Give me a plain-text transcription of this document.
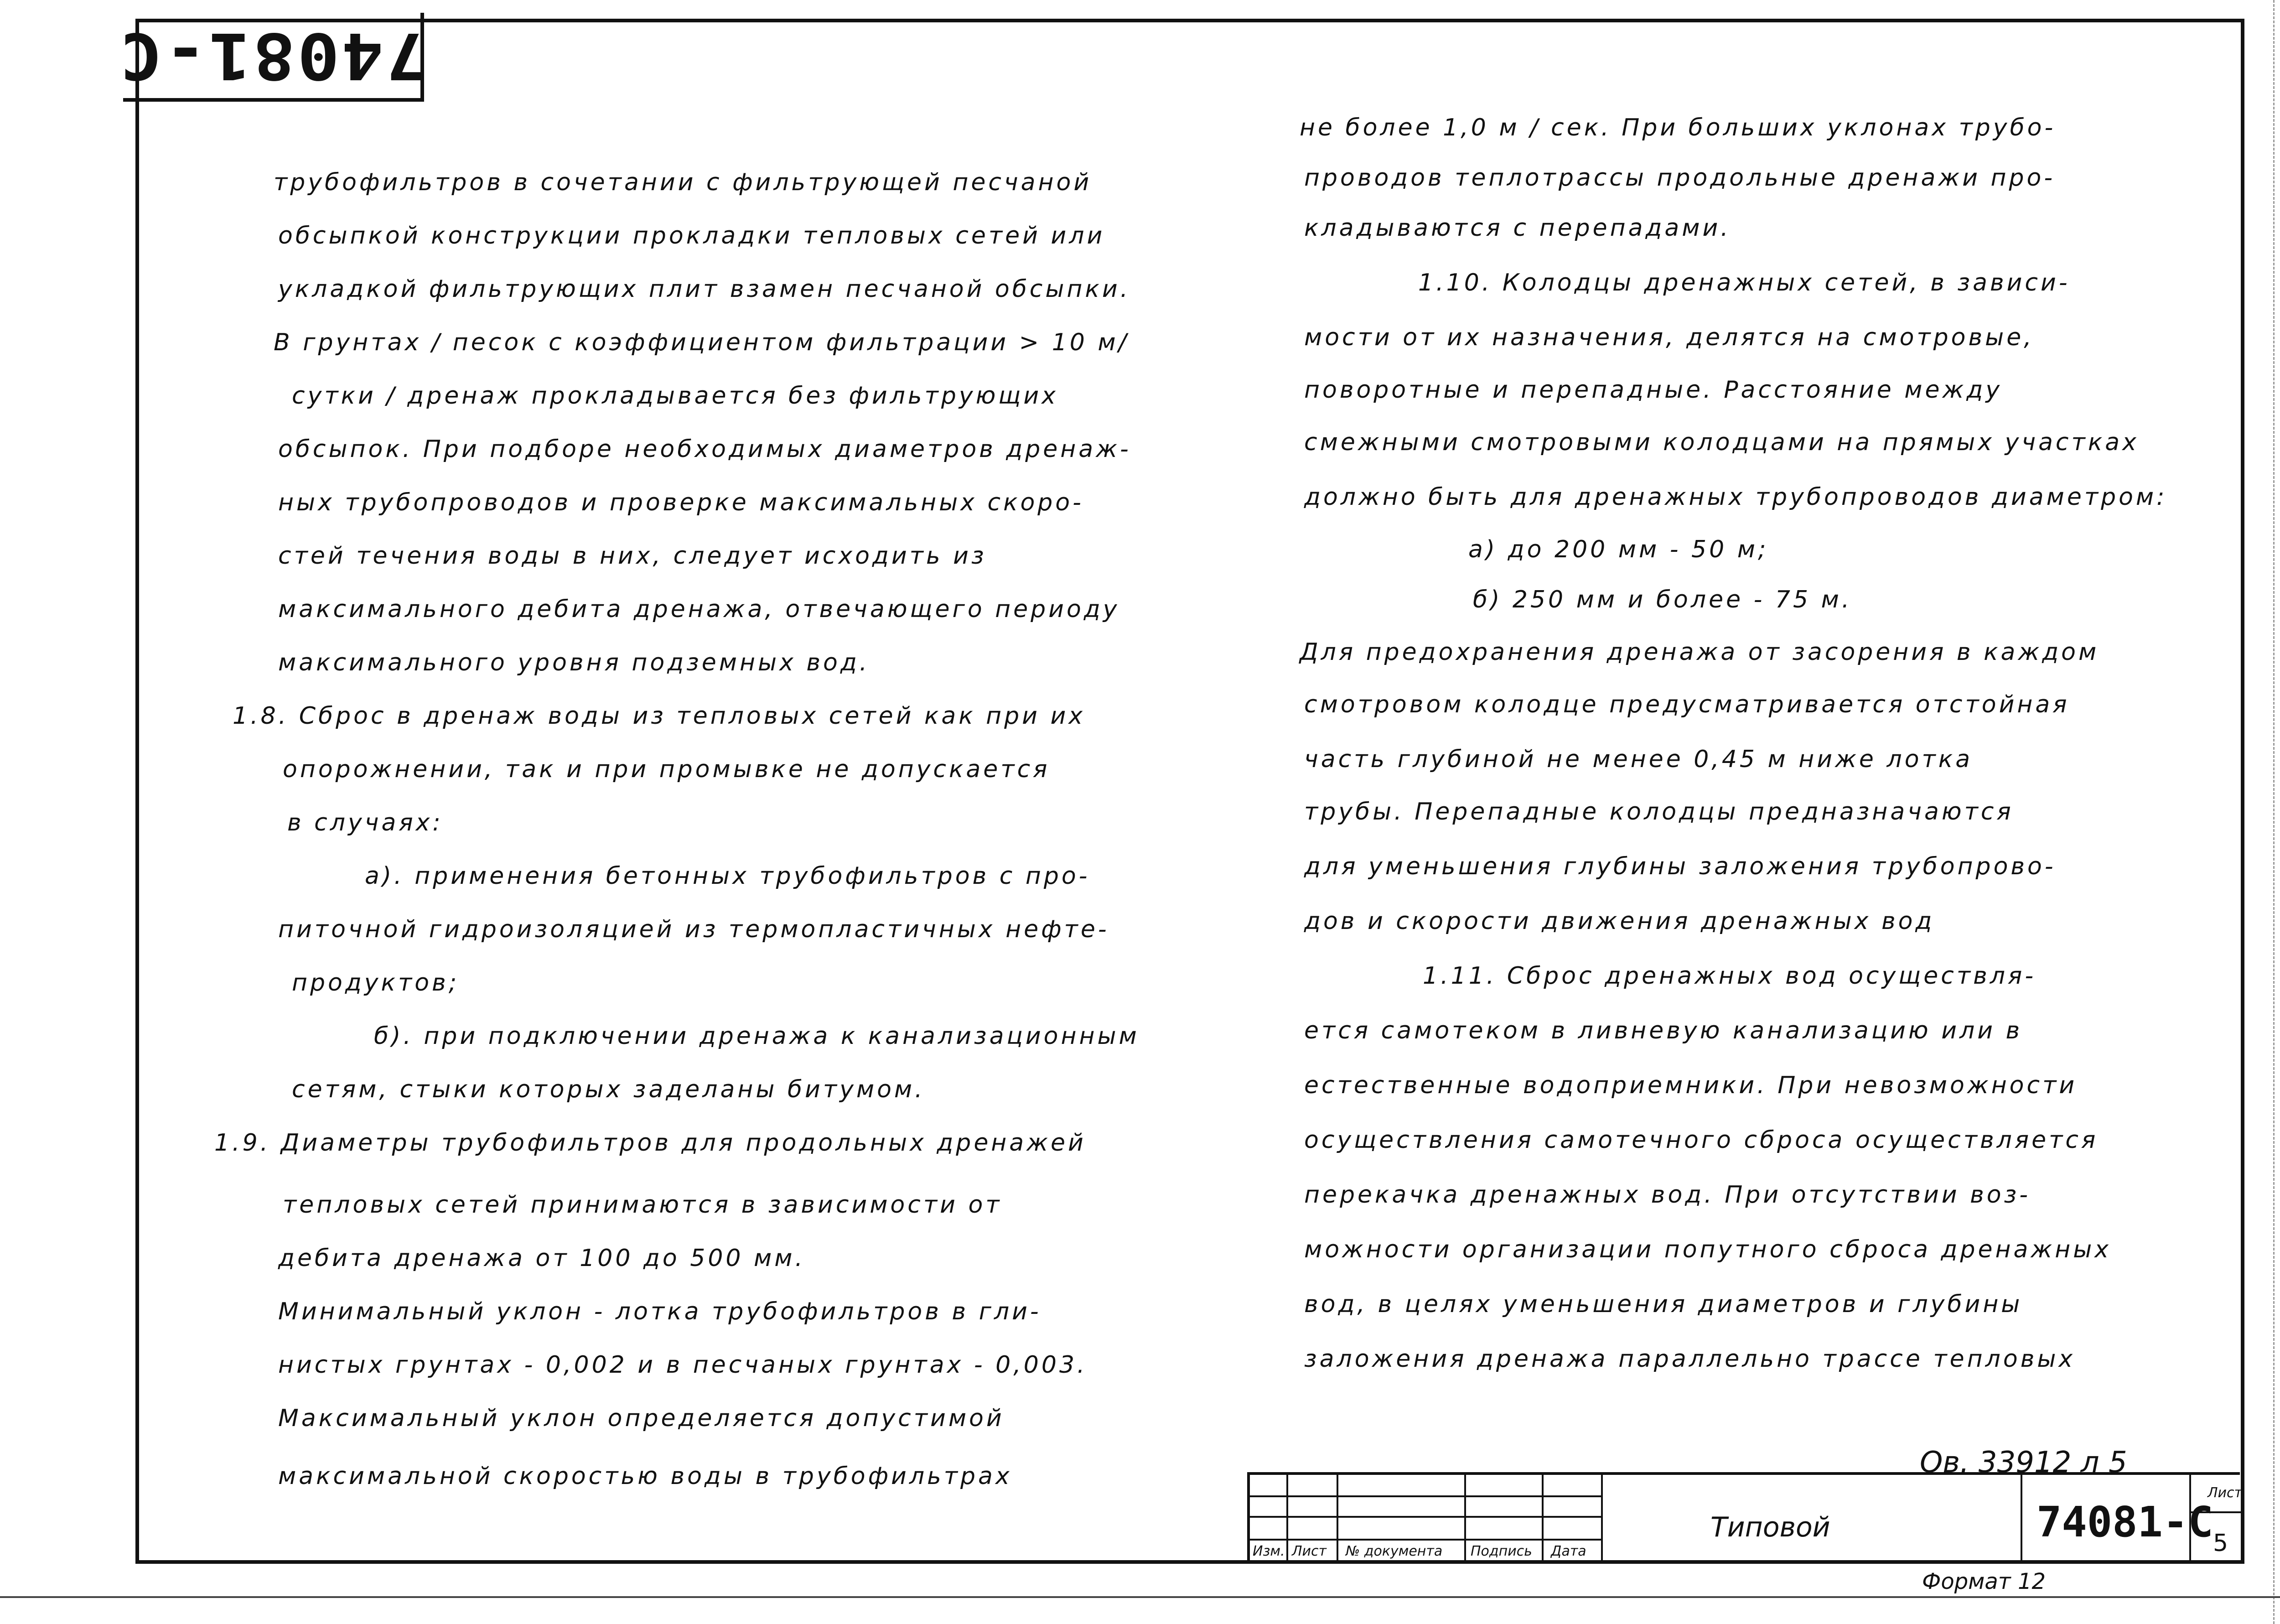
74081-C
трубофильтров в сочетании с фильтрующей песчаной
обсыпкой конструкции прокладки тепловых сетей или
укладкой фильтрующих плит взамен песчаной обсыпки.
В грунтах / песок с коэффициентом фильтрации > 10 м/
сутки / дренаж прокладывается без фильтрующих
обсыпок. При подборе необходимых диаметров дренаж-
ных трубопроводов и проверке максимальных скоро-
стей течения воды в них, следует исходить из
максимального дебита дренажа, отвечающего периоду
максимального уровня подземных вод.
1.8. Сброс в дренаж воды из тепловых сетей как при их
опорожнении, так и при промывке не допускается
в случаях:
а). применения бетонных трубофильтров с про-
питочной гидроизоляцией из термопластичных нефте-
продуктов;
б). при подключении дренажа к канализационным
сетям, стыки которых заделаны битумом.
1.9. Диаметры трубофильтров для продольных дренажей
тепловых сетей принимаются в зависимости от
дебита дренажа от 100 до 500 мм.
Минимальный уклон - лотка трубофильтров в гли-
нистых грунтах - 0,002 и в песчаных грунтах - 0,003.
Максимальный уклон определяется допустимой
максимальной скоростью воды в трубофильтрах
не более 1,0 м / сек. При больших уклонах трубо-
проводов теплотрассы продольные дренажи про-
кладываются с перепадами.
1.10. Колодцы дренажных сетей, в зависи-
мости от их назначения, делятся на смотровые,
поворотные и перепадные. Расстояние между
смежными смотровыми колодцами на прямых участках
должно быть для дренажных трубопроводов диаметром:
а) до 200 мм - 50 м;
б) 250 мм и более - 75 м.
Для предохранения дренажа от засорения в каждом
смотровом колодце предусматривается отстойная
часть глубиной не менее 0,45 м ниже лотка
трубы. Перепадные колодцы предназначаются
для уменьшения глубины заложения трубопрово-
дов и скорости движения дренажных вод
1.11. Сброс дренажных вод осуществля-
ется самотеком в ливневую канализацию или в
естественные водоприемники. При невозможности
осуществления самотечного сброса осуществляется
перекачка дренажных вод. При отсутствии воз-
можности организации попутного сброса дренажных
вод, в целях уменьшения диаметров и глубины
заложения дренажа параллельно трассе тепловых
Изм. Лист № документа Подпись Дата
Типовой	74081-C
Лист
5
Ов. 33912 л 5
Формат 12
